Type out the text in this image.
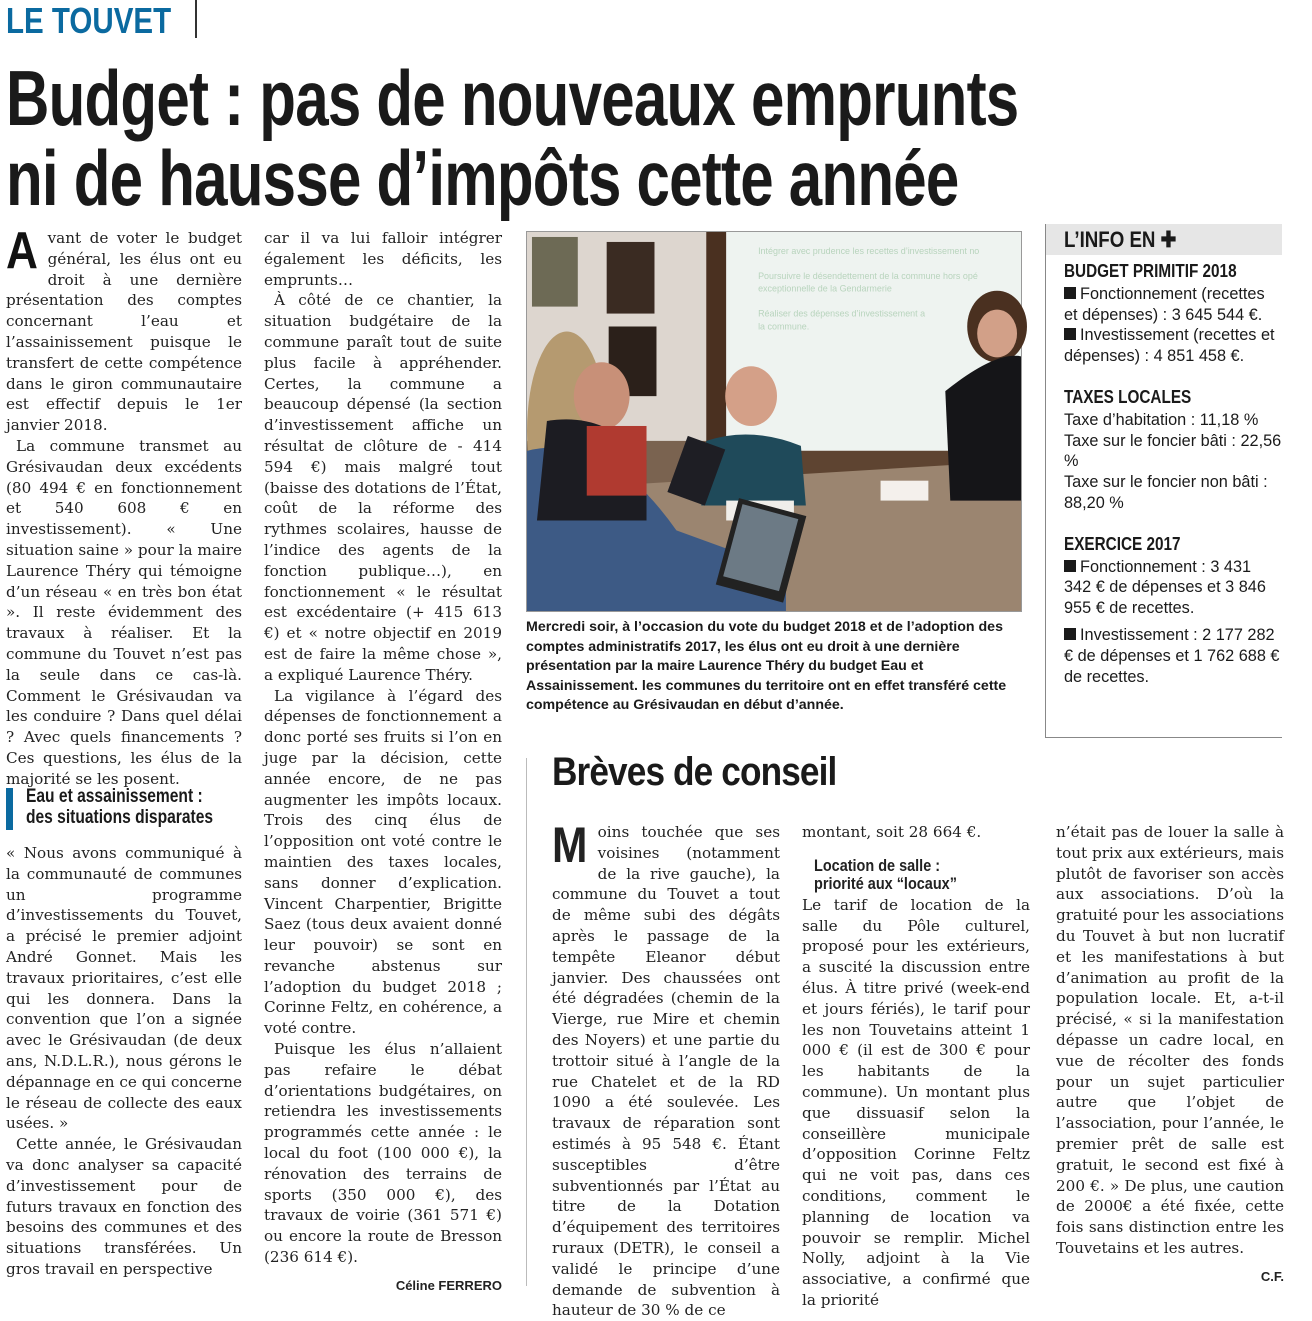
LE TOUVET
Budget : pas de nouveaux emprunts
ni de hausse d’impôts cette année
A vant de voter le budget général, les élus ont eu droit à une dernière présentation des comptes concernant l’eau et l’assainissement puisque le transfert de cette compétence dans le giron communautaire est effectif depuis le 1er janvier 2018.

La commune transmet au Grésivaudan deux excédents (80 494 € en fonctionnement et 540 608 € en investissement). « Une situation saine » pour la maire Laurence Théry qui témoigne d’un réseau « en très bon état ». Il reste évidemment des travaux à réaliser. Et la commune du Touvet n’est pas la seule dans ce cas-là. Comment le Grésivaudan va les conduire ? Dans quel délai ? Avec quels financements ? Ces questions, les élus de la majorité se les posent.

Eau et assainissement :
des situations disparates

« Nous avons communiqué à la communauté de communes un programme d’investissements du Touvet, a précisé le premier adjoint André Gonnet. Mais les travaux prioritaires, c’est elle qui les donnera. Dans la convention que l’on a signée avec le Grésivaudan (de deux ans, N.D.L.R.), nous gérons le dépannage en ce qui concerne le réseau de collecte des eaux usées. »

Cette année, le Grésivaudan va donc analyser sa capacité d’investissement pour de futurs travaux en fonction des besoins des communes et des situations transférées. Un gros travail en perspective

car il va lui falloir intégrer également les déficits, les emprunts…

À côté de ce chantier, la situation budgétaire de la commune paraît tout de suite plus facile à appréhender. Certes, la commune a beaucoup dépensé (la section d’investissement affiche un résultat de clôture de - 414 594 €) mais malgré tout (baisse des dotations de l’État, coût de la réforme des rythmes scolaires, hausse de l’indice des agents de la fonction publique…), en fonctionnement « le résultat est excédentaire (+ 415 613 €) et « notre objectif en 2019 est de faire la même chose », a expliqué Laurence Théry.

La vigilance à l’égard des dépenses de fonctionnement a donc porté ses fruits si l’on en juge par la décision, cette année encore, de ne pas augmenter les impôts locaux. Trois des cinq élus de l’opposition ont voté contre le maintien des taxes locales, sans donner d’explication. Vincent Charpentier, Brigitte Saez (tous deux avaient donné leur pouvoir) se sont en revanche abstenus sur l’adoption du budget 2018 ; Corinne Feltz, en cohérence, a voté contre.

Puisque les élus n’allaient pas refaire le débat d’orientations budgétaires, on retiendra les investissements programmés cette année : le local du foot (100 000 €), la rénovation des terrains de sports (350 000 €), des travaux de voirie (361 571 €) ou encore la route de Bresson (236 614 €).

Céline FERRERO
Intégrer avec prudence les recettes d’investissement no
Poursuivre le désendettement de la commune hors opé
exceptionnelle de la Gendarmerie
Réaliser des dépenses d’investissement a
la commune.
Mercredi soir, à l’occasion du vote du budget 2018 et de l’adoption des comptes administratifs 2017, les élus ont eu droit à une dernière présentation par la maire Laurence Théry du budget Eau et Assainissement. les communes du territoire ont en effet transféré cette compétence au Grésivaudan en début d’année.
L’INFO EN ✚
BUDGET PRIMITIF 2018
Fonctionnement (recettes et dépenses) : 3 645 544 €.
Investissement (recettes et dépenses) : 4 851 458 €.
TAXES LOCALES
Taxe d’habitation : 11,18 %
Taxe sur le foncier bâti : 22,56 %
Taxe sur le foncier non bâti : 88,20 %
EXERCICE 2017
Fonctionnement : 3 431 342 € de dépenses et 3 846 955 € de recettes.
Investissement : 2 177 282 € de dépenses et 1 762 688 € de recettes.
Brèves de conseil
M oins touchée que ses voisines (notamment de la rive gauche), la commune du Touvet a tout de même subi des dégâts après le passage de la tempête Eleanor début janvier. Des chaussées ont été dégradées (chemin de la Vierge, rue Mire et chemin des Noyers) et une partie du trottoir situé à l’angle de la rue Chatelet et de la RD 1090 a été soulevée. Les travaux de réparation sont estimés à 95 548 €. Étant susceptibles d’être subventionnés par l’État au titre de la Dotation d’équipement des territoires ruraux (DETR), le conseil a validé le principe d’une demande de subvention à hauteur de 30 % de ce

montant, soit 28 664 €.

Location de salle :
priorité aux “locaux”

Le tarif de location de la salle du Pôle culturel, proposé pour les extérieurs, a suscité la discussion entre élus. À titre privé (week-end et jours fériés), le tarif pour les non Touvetains atteint 1 000 € (il est de 300 € pour les habitants de la commune). Un montant plus que dissuasif selon la conseillère municipale d’opposition Corinne Feltz qui ne voit pas, dans ces conditions, comment le planning de location va pouvoir se remplir. Michel Nolly, adjoint à la Vie associative, a confirmé que la priorité

n’était pas de louer la salle à tout prix aux extérieurs, mais plutôt de favoriser son accès aux associations. D’où la gratuité pour les associations du Touvet à but non lucratif et les manifestations à but d’animation au profit de la population locale. Et, a-t-il précisé, « si la manifestation dépasse un cadre local, en vue de récolter des fonds pour un sujet particulier autre que l’objet de l’association, pour l’année, le premier prêt de salle est gratuit, le second est fixé à 200 €. » De plus, une caution de 2000€ a été fixée, cette fois sans distinction entre les Touvetains et les autres.

C.F.
